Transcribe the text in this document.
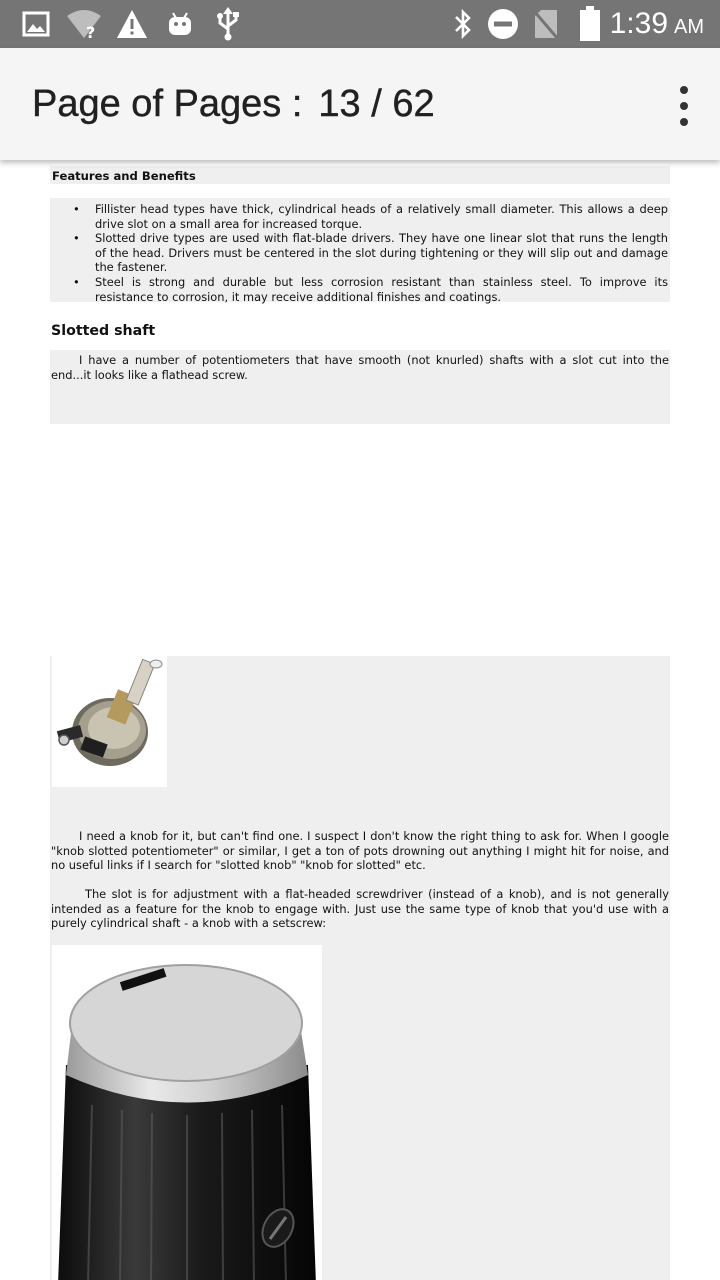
?	1:39 AM
Page of Pages : 13 / 62
Features and Benefits
• Fillister head types have thick, cylindrical heads of a relatively small diameter. This allows a deep drive slot on a small area for increased torque.
• Slotted drive types are used with flat-blade drivers. They have one linear slot that runs the length of the head. Drivers must be centered in the slot during tightening or they will slip out and damage the fastener.
• Steel is strong and durable but less corrosion resistant than stainless steel. To improve its resistance to corrosion, it may receive additional finishes and coatings.
Slotted shaft
I have a number of potentiometers that have smooth (not knurled) shafts with a slot cut into the end...it looks like a flathead screw.
I need a knob for it, but can't find one. I suspect I don't know the right thing to ask for. When I google "knob slotted potentiometer" or similar, I get a ton of pots drowning out anything I might hit for noise, and no useful links if I search for "slotted knob" "knob for slotted" etc.
The slot is for adjustment with a flat-headed screwdriver (instead of a knob), and is not generally intended as a feature for the knob to engage with. Just use the same type of knob that you'd use with a purely cylindrical shaft - a knob with a setscrew:
